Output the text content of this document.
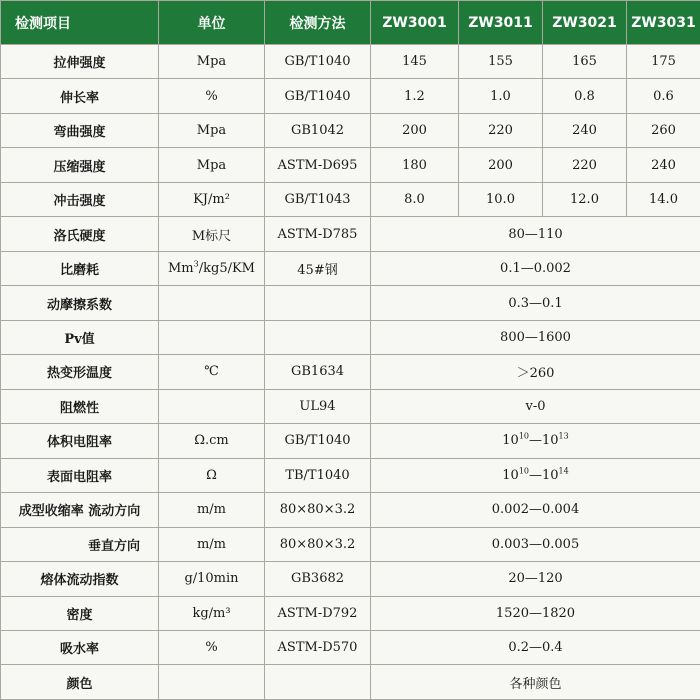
检测项目	单位	检测方法	ZW3001	ZW3011	ZW3021	ZW3031
拉伸强度	Mpa	GB/T1040	145	155	165	175
伸长率	%	GB/T1040	1.2	1.0	0.8	0.6
弯曲强度	Mpa	GB1042	200	220	240	260
压缩强度	Mpa	ASTM-D695	180	200	220	240
冲击强度	KJ/m²	GB/T1043	8.0	10.0	12.0	14.0
洛氏硬度	M标尺	ASTM-D785	80—110			
比磨耗	Mm$^3$/kg5/KM	45#钢	0.1—0.002			
动摩擦系数			0.3—0.1			
Pv值			800—1600			
热变形温度	℃	GB1634	＞260			
阻燃性		UL94	v-0			
体积电阻率	Ω.cm	GB/T1040	$10^{10}—10^{13}$
表面电阻率	Ω	TB/T1040	$10^{10}—10^{14}$
成型收缩率 流动方向	m/m	80×80×3.2	0.002—0.004			
垂直方向	m/m	80×80×3.2	0.003—0.005			
熔体流动指数	g/10min	GB3682	20—120			
密度	kg/m³	ASTM-D792	1520—1820			
吸水率	%	ASTM-D570	0.2—0.4			
颜色			各种颜色			
